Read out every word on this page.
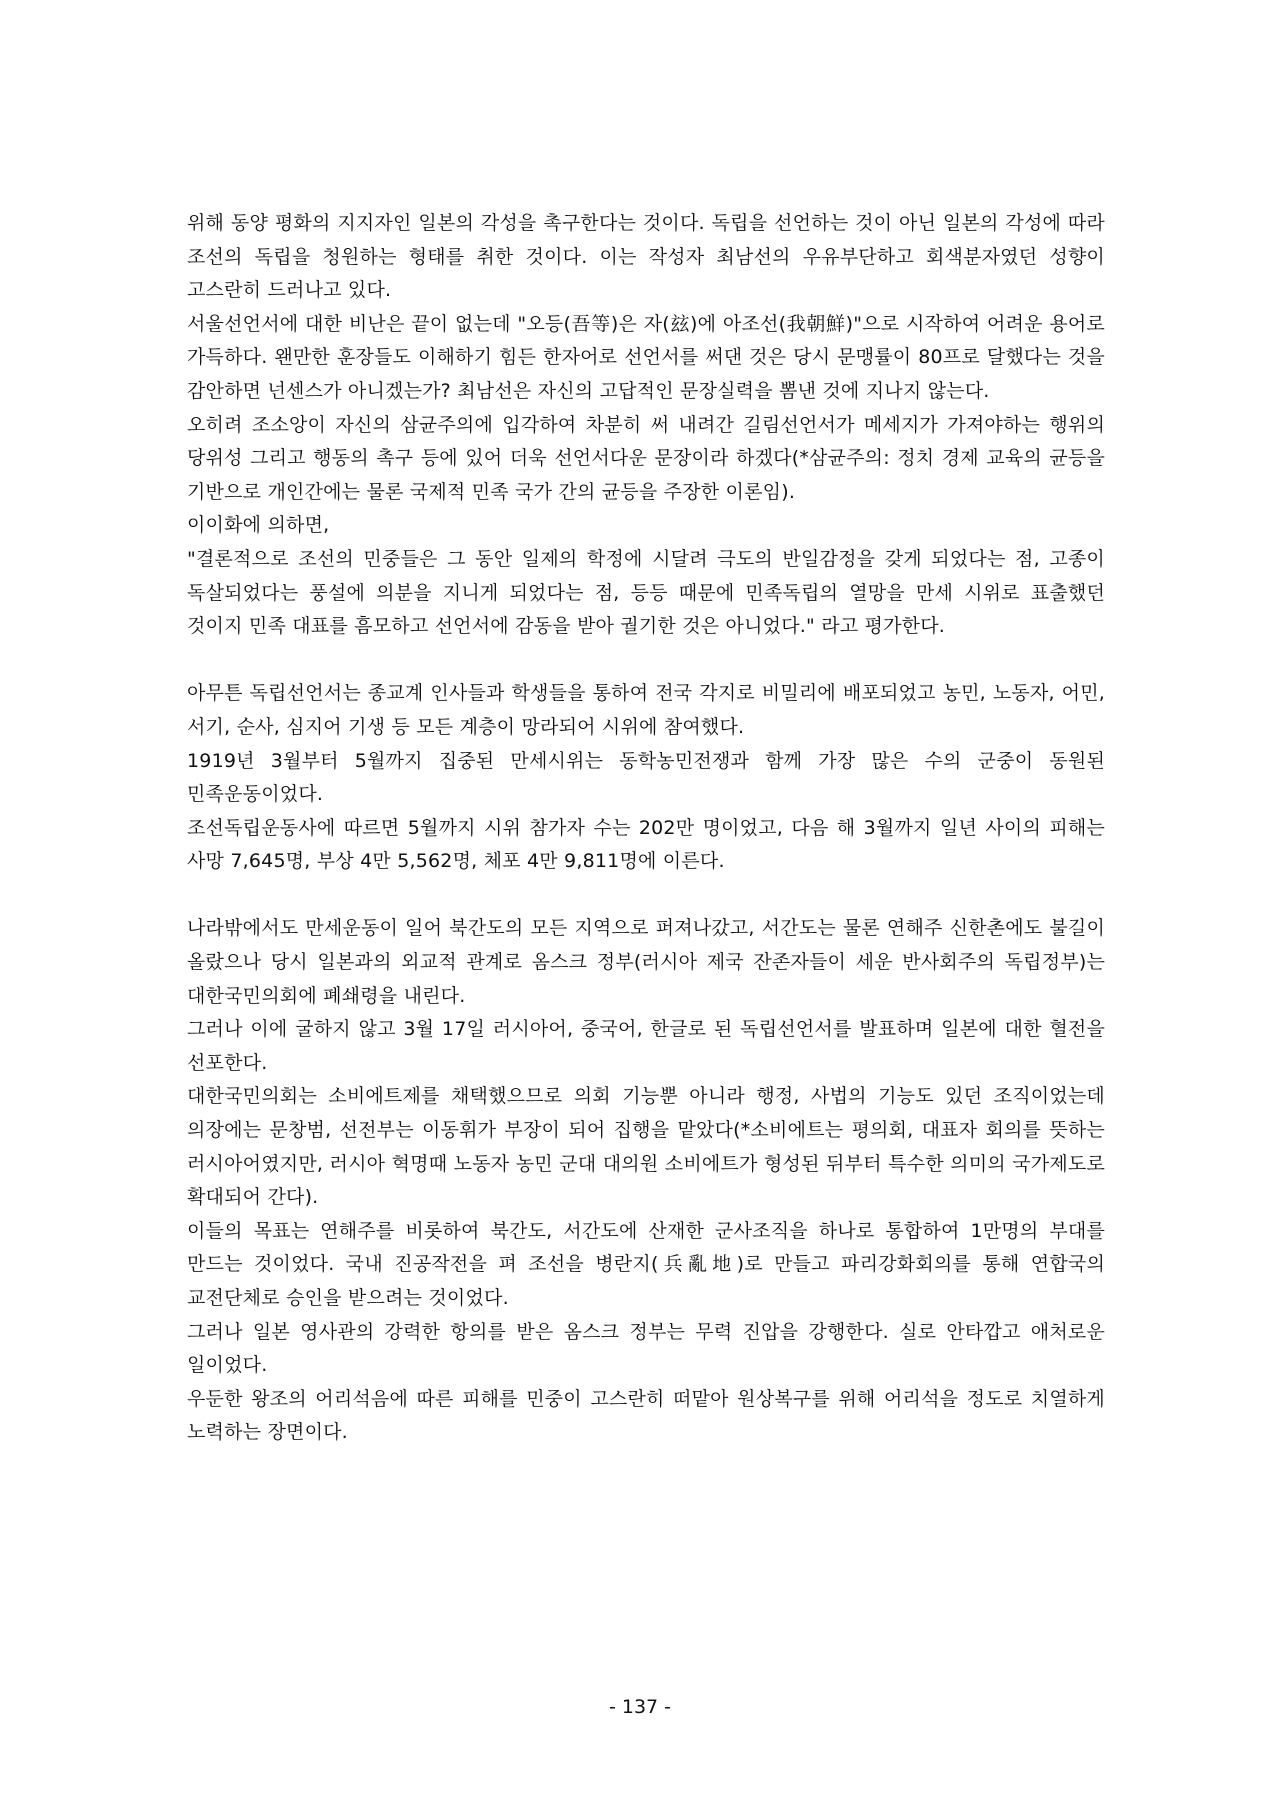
위해 동양 평화의 지지자인 일본의 각성을 촉구한다는 것이다. 독립을 선언하는 것이 아닌 일본의 각성에 따라 조선의 독립을 청원하는 형태를 취한 것이다. 이는 작성자 최남선의 우유부단하고 회색분자였던 성향이 고스란히 드러나고 있다.

서울선언서에 대한 비난은 끝이 없는데 "오등(吾等)은 자(玆)에 아조선(我朝鮮)"으로 시작하여 어려운 용어로 가득하다. 왠만한 훈장들도 이해하기 힘든 한자어로 선언서를 써댄 것은 당시 문맹률이 80프로 달했다는 것을 감안하면 넌센스가 아니겠는가? 최남선은 자신의 고답적인 문장실력을 뽐낸 것에 지나지 않는다.

오히려 조소앙이 자신의 삼균주의에 입각하여 차분히 써 내려간 길림선언서가 메세지가 가져야하는 행위의 당위성 그리고 행동의 촉구 등에 있어 더욱 선언서다운 문장이라 하겠다(*삼균주의: 정치 경제 교육의 균등을 기반으로 개인간에는 물론 국제적 민족 국가 간의 균등을 주장한 이론임).

이이화에 의하면,

"결론적으로 조선의 민중들은 그 동안 일제의 학정에 시달려 극도의 반일감정을 갖게 되었다는 점, 고종이 독살되었다는 풍설에 의분을 지니게 되었다는 점, 등등 때문에 민족독립의 열망을 만세 시위로 표출했던 것이지 민족 대표를 흠모하고 선언서에 감동을 받아 궐기한 것은 아니었다." 라고 평가한다.

아무튼 독립선언서는 종교계 인사들과 학생들을 통하여 전국 각지로 비밀리에 배포되었고 농민, 노동자, 어민, 서기, 순사, 심지어 기생 등 모든 계층이 망라되어 시위에 참여했다.

1919년 3월부터 5월까지 집중된 만세시위는 동학농민전쟁과 함께 가장 많은 수의 군중이 동원된 민족운동이었다.

조선독립운동사에 따르면 5월까지 시위 참가자 수는 202만 명이었고, 다음 해 3월까지 일년 사이의 피해는 사망 7,645명, 부상 4만 5,562명, 체포 4만 9,811명에 이른다.

나라밖에서도 만세운동이 일어 북간도의 모든 지역으로 퍼져나갔고, 서간도는 물론 연해주 신한촌에도 불길이 올랐으나 당시 일본과의 외교적 관계로 옴스크 정부(러시아 제국 잔존자들이 세운 반사회주의 독립정부)는 대한국민의회에 폐쇄령을 내린다.

그러나 이에 굴하지 않고 3월 17일 러시아어, 중국어, 한글로 된 독립선언서를 발표하며 일본에 대한 혈전을 선포한다.

대한국민의회는 소비에트제를 채택했으므로 의회 기능뿐 아니라 행정, 사법의 기능도 있던 조직이었는데 의장에는 문창범, 선전부는 이동휘가 부장이 되어 집행을 맡았다(*소비에트는 평의회, 대표자 회의를 뜻하는 러시아어였지만, 러시아 혁명때 노동자 농민 군대 대의원 소비에트가 형성된 뒤부터 특수한 의미의 국가제도로 확대되어 간다).

이들의 목표는 연해주를 비롯하여 북간도, 서간도에 산재한 군사조직을 하나로 통합하여 1만명의 부대를 만드는 것이었다. 국내 진공작전을 펴 조선을 병란지(兵亂地)로 만들고 파리강화회의를 통해 연합국의 교전단체로 승인을 받으려는 것이었다.

그러나 일본 영사관의 강력한 항의를 받은 옴스크 정부는 무력 진압을 강행한다. 실로 안타깝고 애처로운 일이었다.

우둔한 왕조의 어리석음에 따른 피해를 민중이 고스란히 떠맡아 원상복구를 위해 어리석을 정도로 치열하게 노력하는 장면이다.

- 137 -
